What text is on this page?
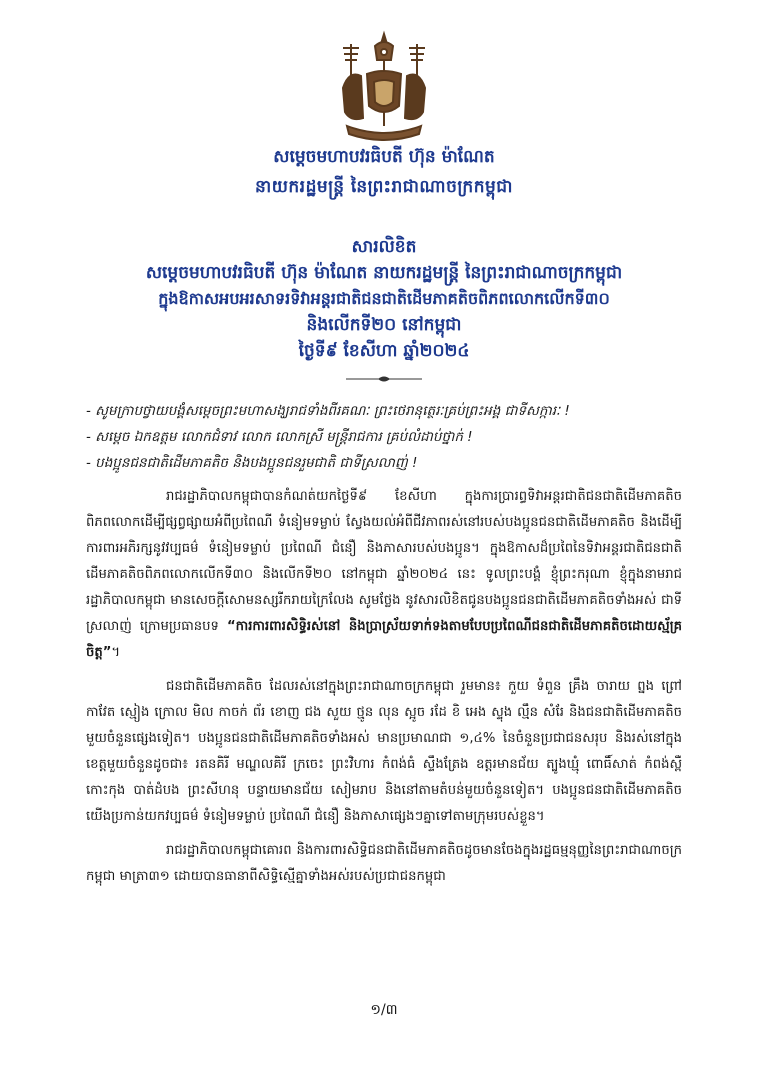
សម្តេចមហាបវរធិបតី ហ៊ុន ម៉ាណែត
នាយករដ្ឋមន្ត្រី នៃព្រះរាជាណាចក្រកម្ពុជា
សារលិខិត
សម្តេចមហាបវរធិបតី ហ៊ុន ម៉ាណែត នាយករដ្ឋមន្ត្រី នៃព្រះរាជាណាចក្រកម្ពុជា
ក្នុងឱកាសអបអរសាទរទិវាអន្តរជាតិជនជាតិដើមភាគតិចពិភពលោកលើកទី៣០
និងលើកទី២០ នៅកម្ពុជា
ថ្ងៃទី៩ ខែសីហា ឆ្នាំ២០២៤
- សូមក្រាបថ្វាយបង្គំសម្តេចព្រះមហាសង្ឃរាជទាំងពីរគណៈ ព្រះថេរានុត្ថេរៈគ្រប់ព្រះអង្គ ជាទីសក្ការៈ !
- សម្តេច ឯកឧត្តម លោកជំទាវ លោក លោកស្រី មន្ត្រីរាជការ គ្រប់លំដាប់ថ្នាក់ !
- បងប្អូនជនជាតិដើមភាគតិច និងបងប្អូនជនរួមជាតិ ជាទីស្រលាញ់ !

រាជរដ្ឋាភិបាលកម្ពុជាបានកំណត់យកថ្ងៃទី៩ ខែសីហា ក្នុងការប្រារព្ធទិវាអន្តរជាតិជនជាតិដើមភាគតិចពិភពលោកដើម្បីផ្សព្វផ្សាយអំពីប្រពៃណី ទំនៀមទម្លាប់ ស្វែងយល់អំពីជីវភាពរស់នៅរបស់បងប្អូនជនជាតិដើមភាគតិច និងដើម្បីការពារអភិរក្សនូវវប្បធម៌ ទំនៀមទម្លាប់ ប្រពៃណី ជំនឿ និងភាសារបស់បងប្អូន។ ក្នុងឱកាសដ៏ប្រពៃនៃទិវាអន្តរជាតិជនជាតិដើមភាគតិចពិភពលោកលើកទី៣០ និងលើកទី២០ នៅកម្ពុជា ឆ្នាំ២០២៤ នេះ ទូលព្រះបង្គំ ខ្ញុំព្រះករុណា ខ្ញុំក្នុងនាមរាជរដ្ឋាភិបាលកម្ពុជា មានសេចក្តីសោមនស្សរីករាយក្រៃលែង សូមថ្លែង នូវសារលិខិតជូនបងប្អូនជនជាតិដើមភាគតិចទាំងអស់ ជាទីស្រលាញ់ ក្រោមប្រធានបទ “ការការពារសិទ្ធិរស់នៅ និងប្រាស្រ័យទាក់ទងតាមបែបប្រពៃណីជនជាតិដើមភាគតិចដោយស្ម័គ្រចិត្ត”។

ជនជាតិដើមភាគតិច ដែលរស់នៅក្នុងព្រះរាជាណាចក្រកម្ពុជា រួមមាន៖ កួយ ទំពួន គ្រឹង ចារាយ ព្នង ព្រៅ កាវែត ស្មៀង ក្រោល មិល កាចក់ ព័រ ខោញ ជង សួយ ថ្មូន លុន ស្អូច រដែ ខិ អេង ស្ទុង ល្មឹន សំរែ និងជនជាតិដើមភាគតិចមួយចំនួនផ្សេងទៀត។ បងប្អូនជនជាតិដើមភាគតិចទាំងអស់ មានប្រមាណជា ១,៤% នៃចំនួនប្រជាជនសរុប និងរស់នៅក្នុងខេត្តមួយចំនួនដូចជា៖ រតនគិរី មណ្ឌលគិរី ក្រចេះ ព្រះវិហារ កំពង់ធំ ស្ទឹងត្រែង ឧត្តរមានជ័យ ត្បូងឃ្មុំ ពោធិ៍សាត់ កំពង់ស្ពឺ កោះកុង បាត់ដំបង ព្រះសីហនុ បន្ទាយមានជ័យ សៀមរាប និងនៅតាមតំបន់មួយចំនួនទៀត។ បងប្អូនជនជាតិដើមភាគតិច យើងប្រកាន់យកវប្បធម៌ ទំនៀមទម្លាប់ ប្រពៃណី ជំនឿ និងភាសាផ្សេងៗគ្នាទៅតាមក្រុមរបស់ខ្លួន។

រាជរដ្ឋាភិបាលកម្ពុជាគោរព និងការពារសិទ្ធិជនជាតិដើមភាគតិចដូចមានចែងក្នុងរដ្ឋធម្មនុញ្ញនៃព្រះរាជាណាចក្រកម្ពុជា មាត្រា៣១ ដោយបានធានាពីសិទ្ធិស្មើគ្នាទាំងអស់របស់ប្រជាជនកម្ពុជា

១/៣
